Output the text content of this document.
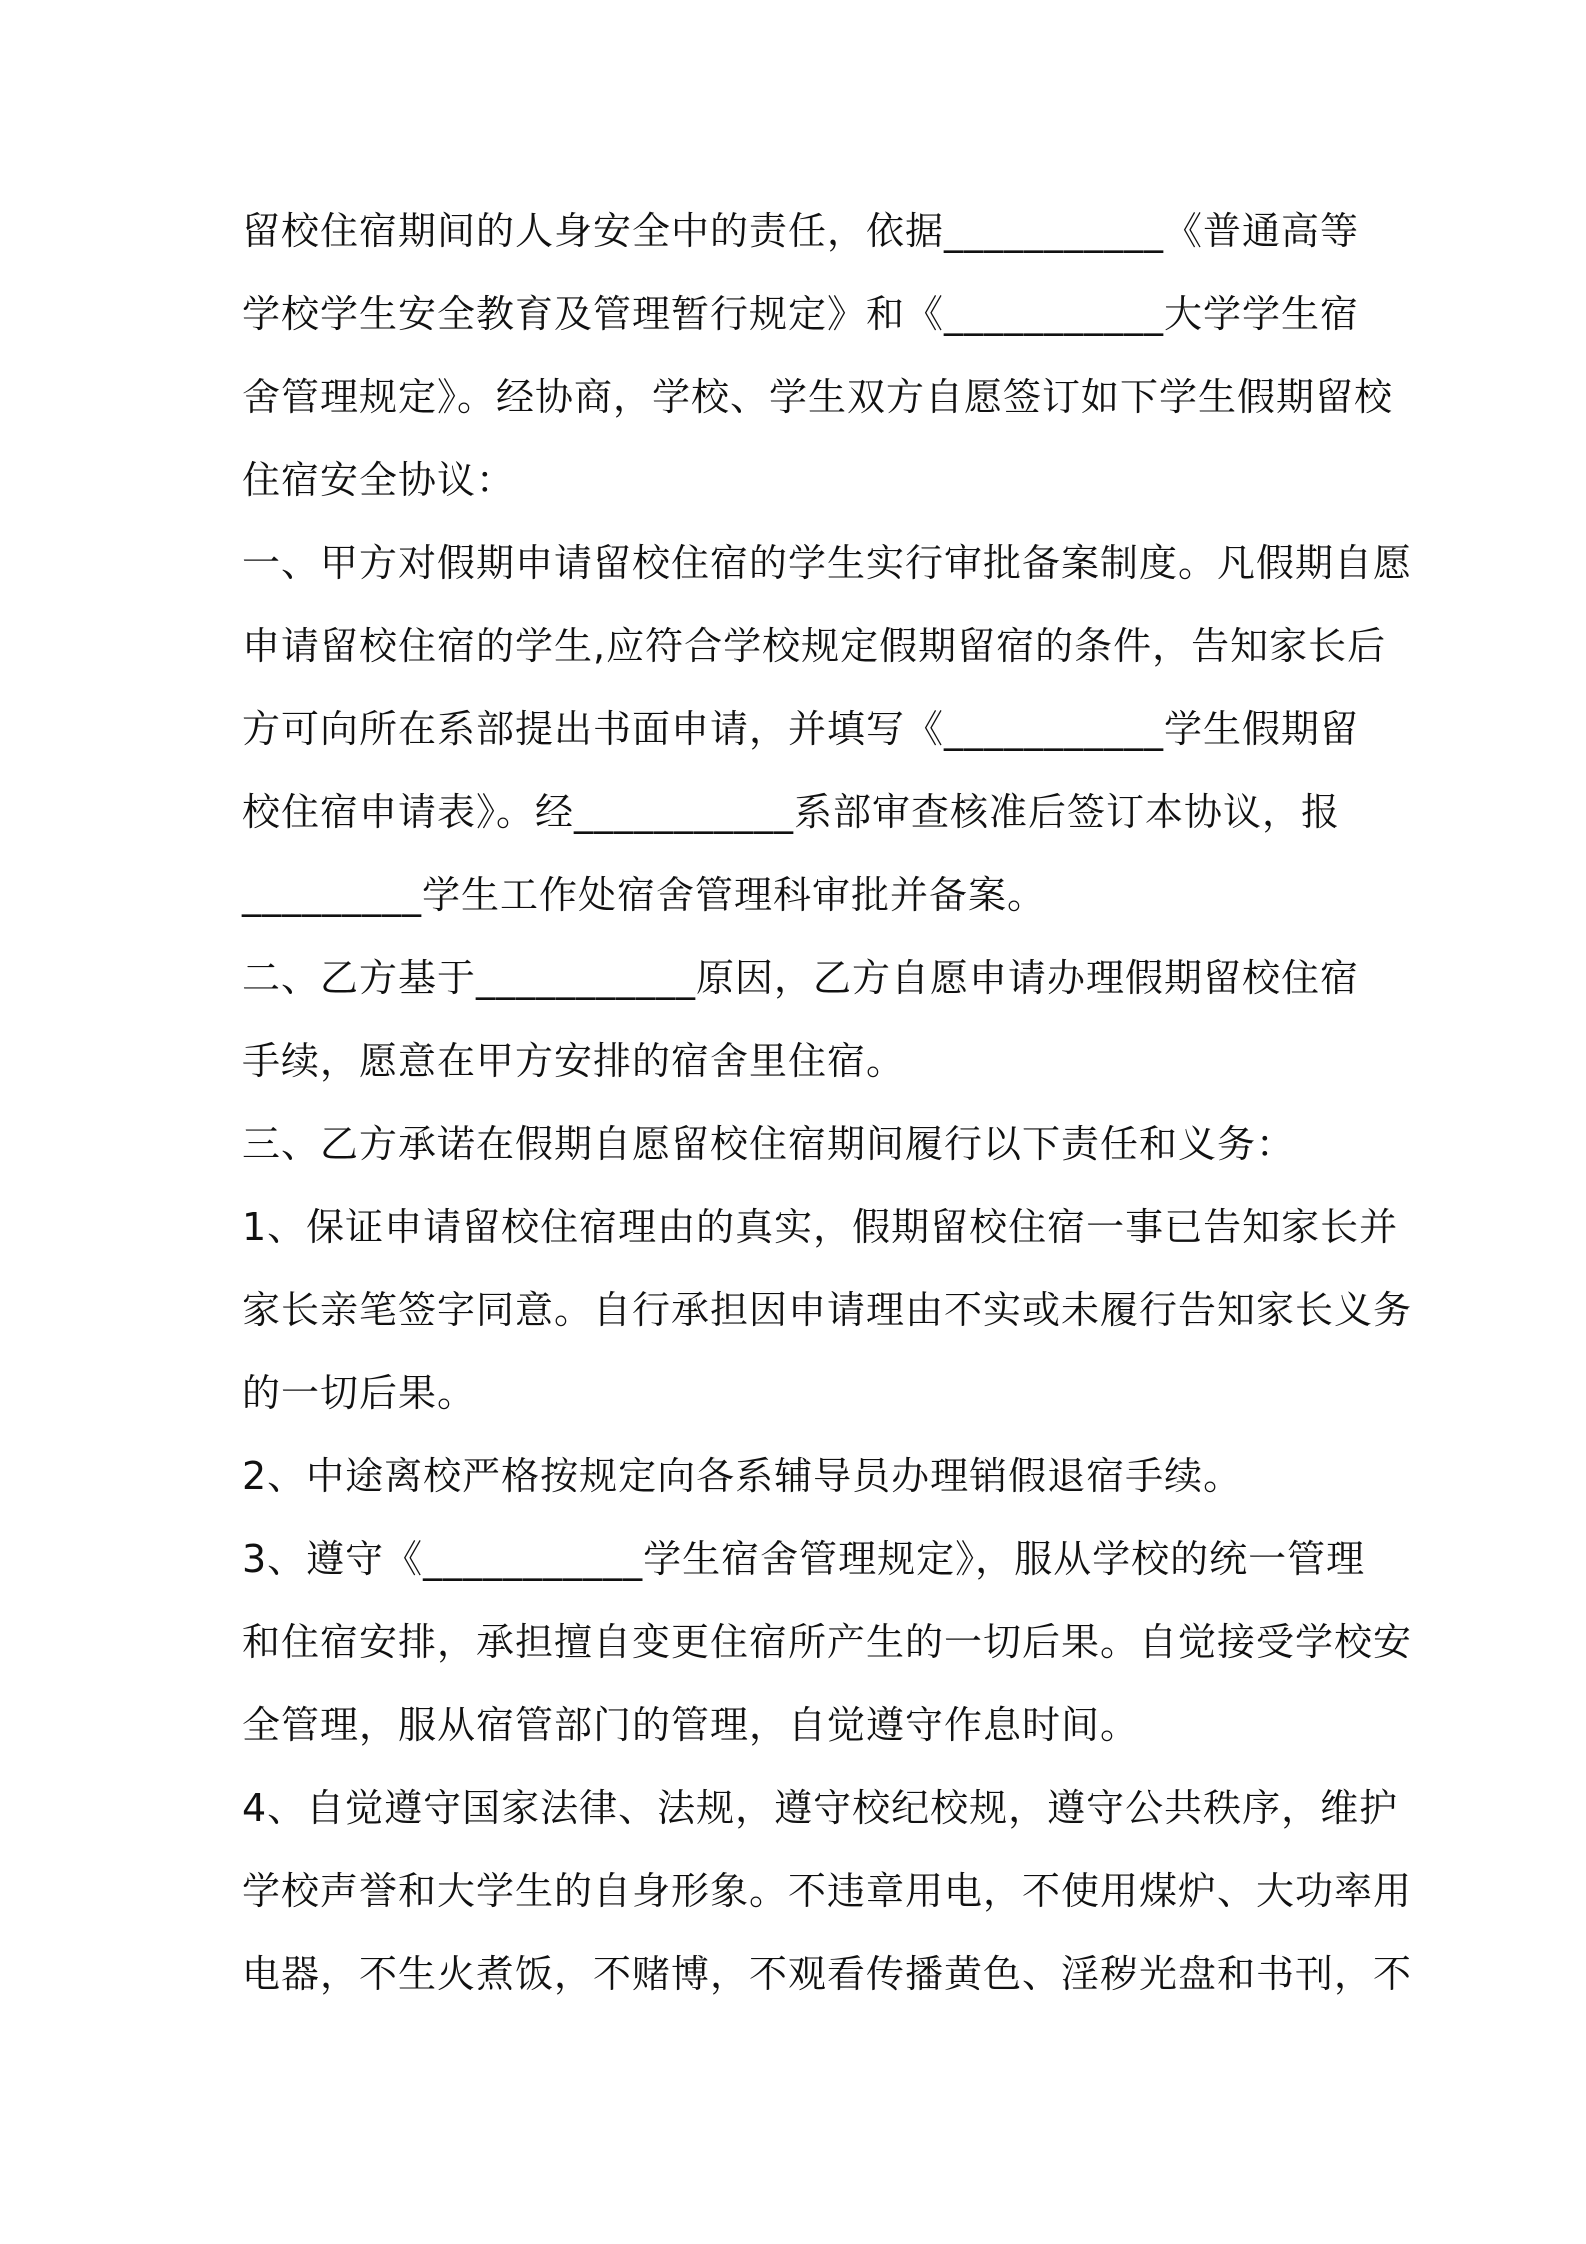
留校住宿期间的人身安全中的责任，依据___________《普通高等
学校学生安全教育及管理暂行规定》和《___________大学学生宿
舍管理规定》。经协商，学校、学生双方自愿签订如下学生假期留校
住宿安全协议：
一、甲方对假期申请留校住宿的学生实行审批备案制度。凡假期自愿
申请留校住宿的学生,应符合学校规定假期留宿的条件，告知家长后
方可向所在系部提出书面申请，并填写《___________学生假期留
校住宿申请表》。经___________系部审查核准后签订本协议，报
_________学生工作处宿舍管理科审批并备案。
二、乙方基于___________原因，乙方自愿申请办理假期留校住宿
手续，愿意在甲方安排的宿舍里住宿。
三、乙方承诺在假期自愿留校住宿期间履行以下责任和义务：
1、保证申请留校住宿理由的真实，假期留校住宿一事已告知家长并
家长亲笔签字同意。自行承担因申请理由不实或未履行告知家长义务
的一切后果。
2、中途离校严格按规定向各系辅导员办理销假退宿手续。
3、遵守《___________学生宿舍管理规定》，服从学校的统一管理
和住宿安排，承担擅自变更住宿所产生的一切后果。自觉接受学校安
全管理，服从宿管部门的管理，自觉遵守作息时间。
4、自觉遵守国家法律、法规，遵守校纪校规，遵守公共秩序，维护
学校声誉和大学生的自身形象。不违章用电，不使用煤炉、大功率用
电器，不生火煮饭，不赌博，不观看传播黄色、淫秽光盘和书刊，不
